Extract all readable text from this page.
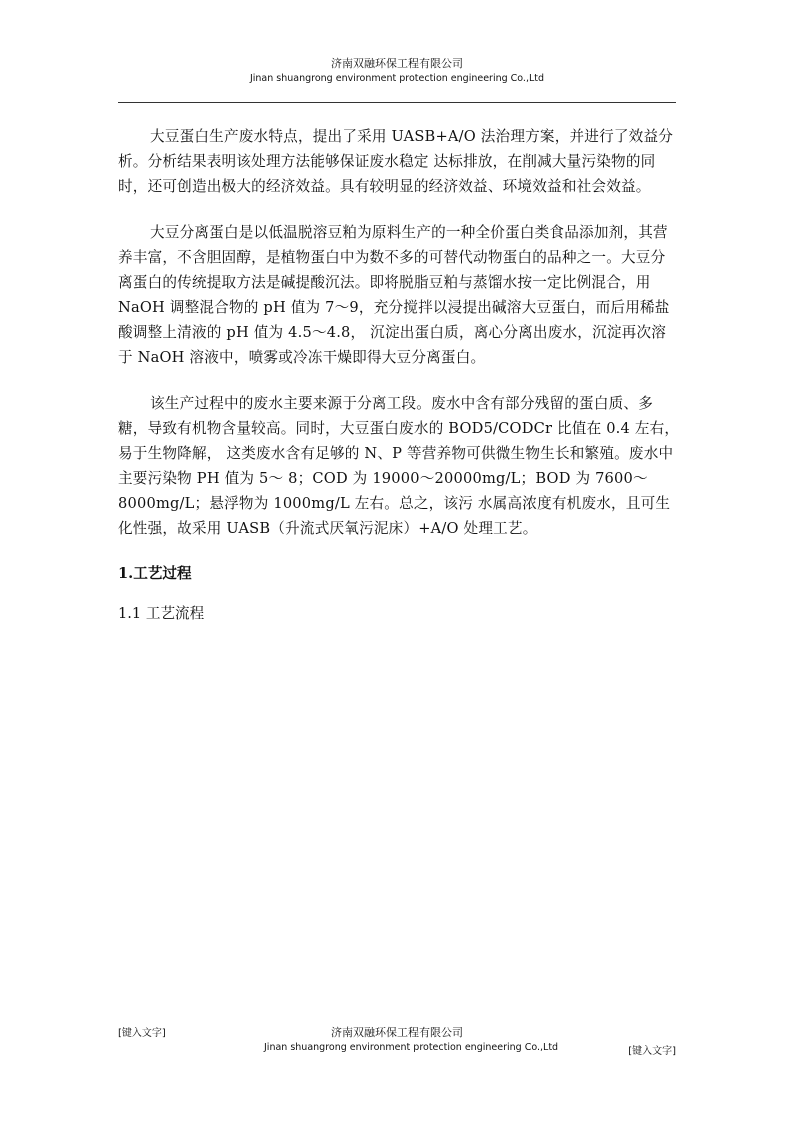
济南双融环保工程有限公司
Jinan shuangrong environment protection engineering Co.,Ltd

大豆蛋白生产废水特点，提出了采用 UASB+A/O 法治理方案，并进行了效益分析。分析结果表明该处理方法能够保证废水稳定 达标排放，在削减大量污染物的同时，还可创造出极大的经济效益。具有较明显的经济效益、环境效益和社会效益。

大豆分离蛋白是以低温脱溶豆粕为原料生产的一种全价蛋白类食品添加剂，其营养丰富，不含胆固醇，是植物蛋白中为数不多的可替代动物蛋白的品种之一。大豆分离蛋白的传统提取方法是碱提酸沉法。即将脱脂豆粕与蒸馏水按一定比例混合，用 NaOH 调整混合物的 pH 值为 7～9，充分搅拌以浸提出碱溶大豆蛋白，而后用稀盐酸调整上清液的 pH 值为 4.5～4.8， 沉淀出蛋白质，离心分离出废水，沉淀再次溶于 NaOH 溶液中，喷雾或冷冻干燥即得大豆分离蛋白。

该生产过程中的废水主要来源于分离工段。废水中含有部分残留的蛋白质、多糖，导致有机物含量较高。同时，大豆蛋白废水的 BOD5/CODCr 比值在 0.4 左右，易于生物降解， 这类废水含有足够的 N、P 等营养物可供微生物生长和繁殖。废水中主要污染物 PH 值为 5～ 8；COD 为 19000～20000mg/L；BOD 为 7600～ 8000mg/L；悬浮物为 1000mg/L 左右。总之，该污 水属高浓度有机废水，且可生化性强，故采用 UASB（升流式厌氧污泥床）+A/O 处理工艺。

1.工艺过程
1.1 工艺流程
[键入文字]	济南双融环保工程有限公司
Jinan shuangrong environment protection engineering Co.,Ltd	[键入文字]
